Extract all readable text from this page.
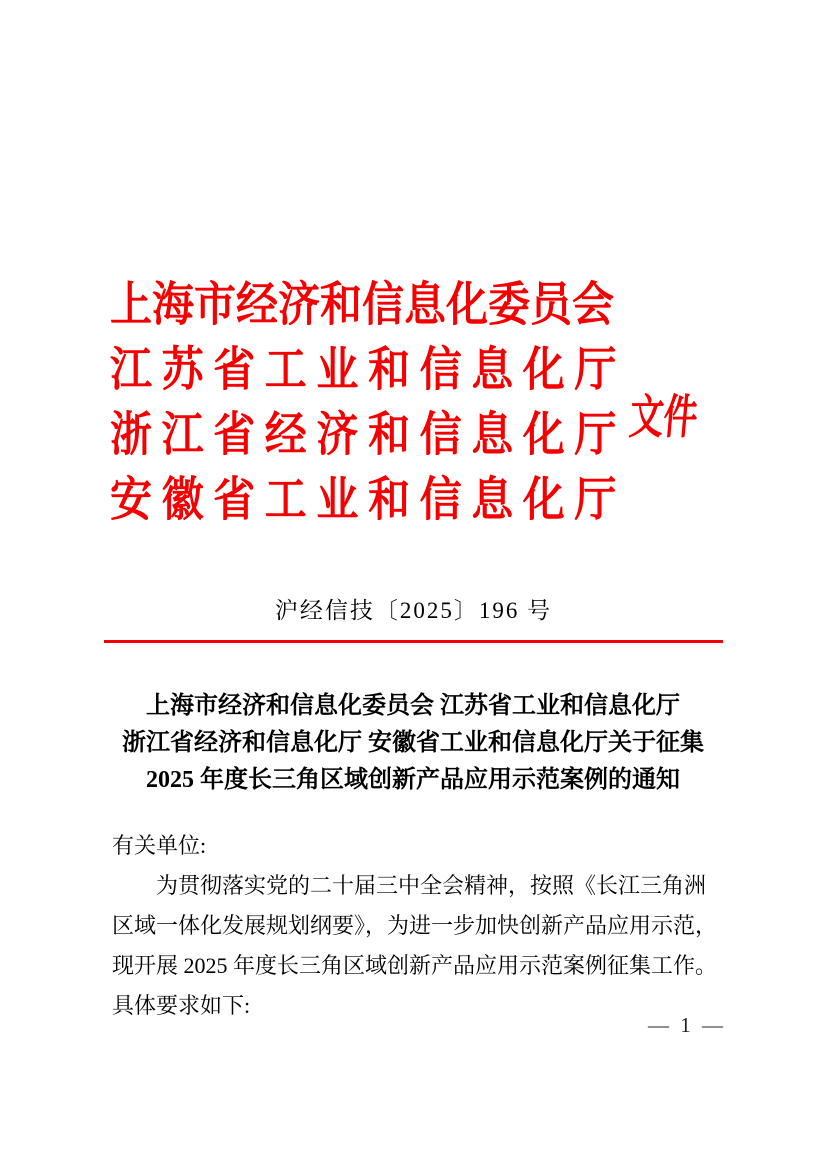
上海市经济和信息化委员会
江苏省工业和信息化厅
浙江省经济和信息化厅
安徽省工业和信息化厅
文件
沪经信技〔2025〕196 号
上海市经济和信息化委员会 江苏省工业和信息化厅
浙江省经济和信息化厅 安徽省工业和信息化厅关于征集
2025 年度长三角区域创新产品应用示范案例的通知
有关单位:
为贯彻落实党的二十届三中全会精神，按照《长江三角洲
区域一体化发展规划纲要》，为进一步加快创新产品应用示范，
现开展 2025 年度长三角区域创新产品应用示范案例征集工作。
具体要求如下:
— 1 —
